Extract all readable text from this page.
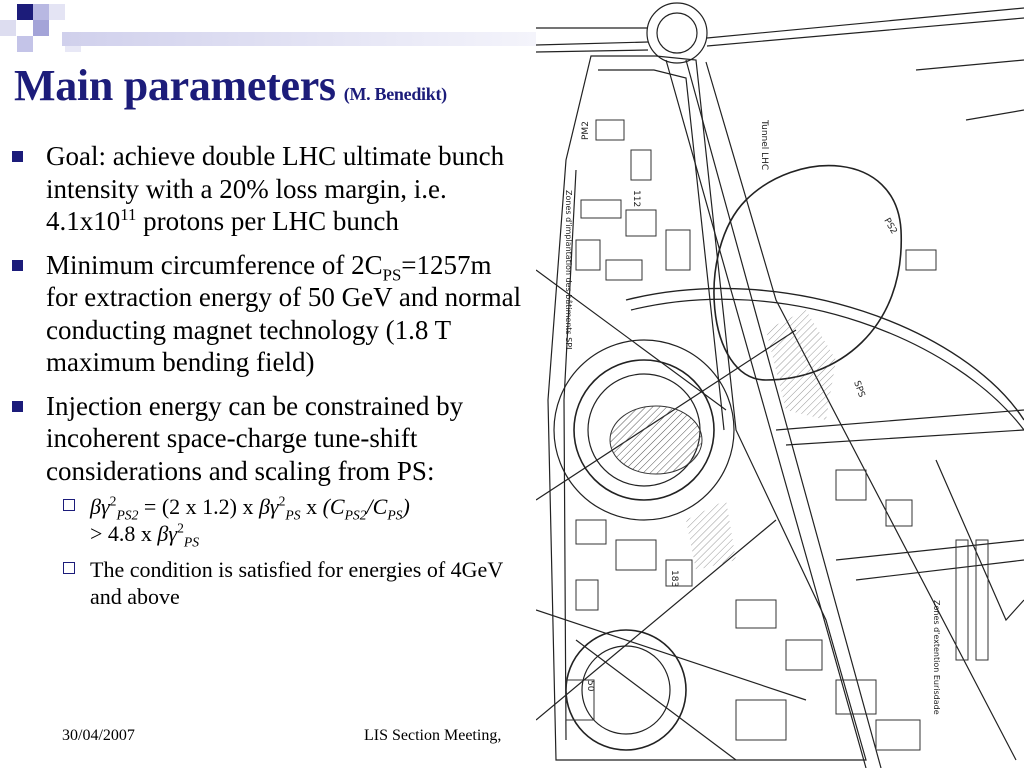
Main parameters (M. Benedikt)
Goal: achieve double LHC ultimate bunch intensity with a 20% loss margin, i.e. $4.1x10^{11}$ protons per LHC bunch
Minimum circumference of $2C_{PS}=1257m$ for extraction energy of 50 GeV and normal conducting magnet technology (1.8 T maximum bending field)
Injection energy can be constrained by incoherent space-charge tune-shift considerations and scaling from PS:
$\beta\gamma^2_{PS2} = (2$ x 1.2) x $\beta\gamma^2_{PS}$ x $(C_{PS2}/C_{PS})$
> 4.8 x $\beta\gamma^2_{PS}$
The condition is satisfied for energies of 4GeV and above
30/04/2007	LIS Section Meeting,
PM2	Tunnel LHC
Zones d'implantation des bâtiments SPL	PS2
SPS
Zones d'extention Eurisdade
112
183
50
